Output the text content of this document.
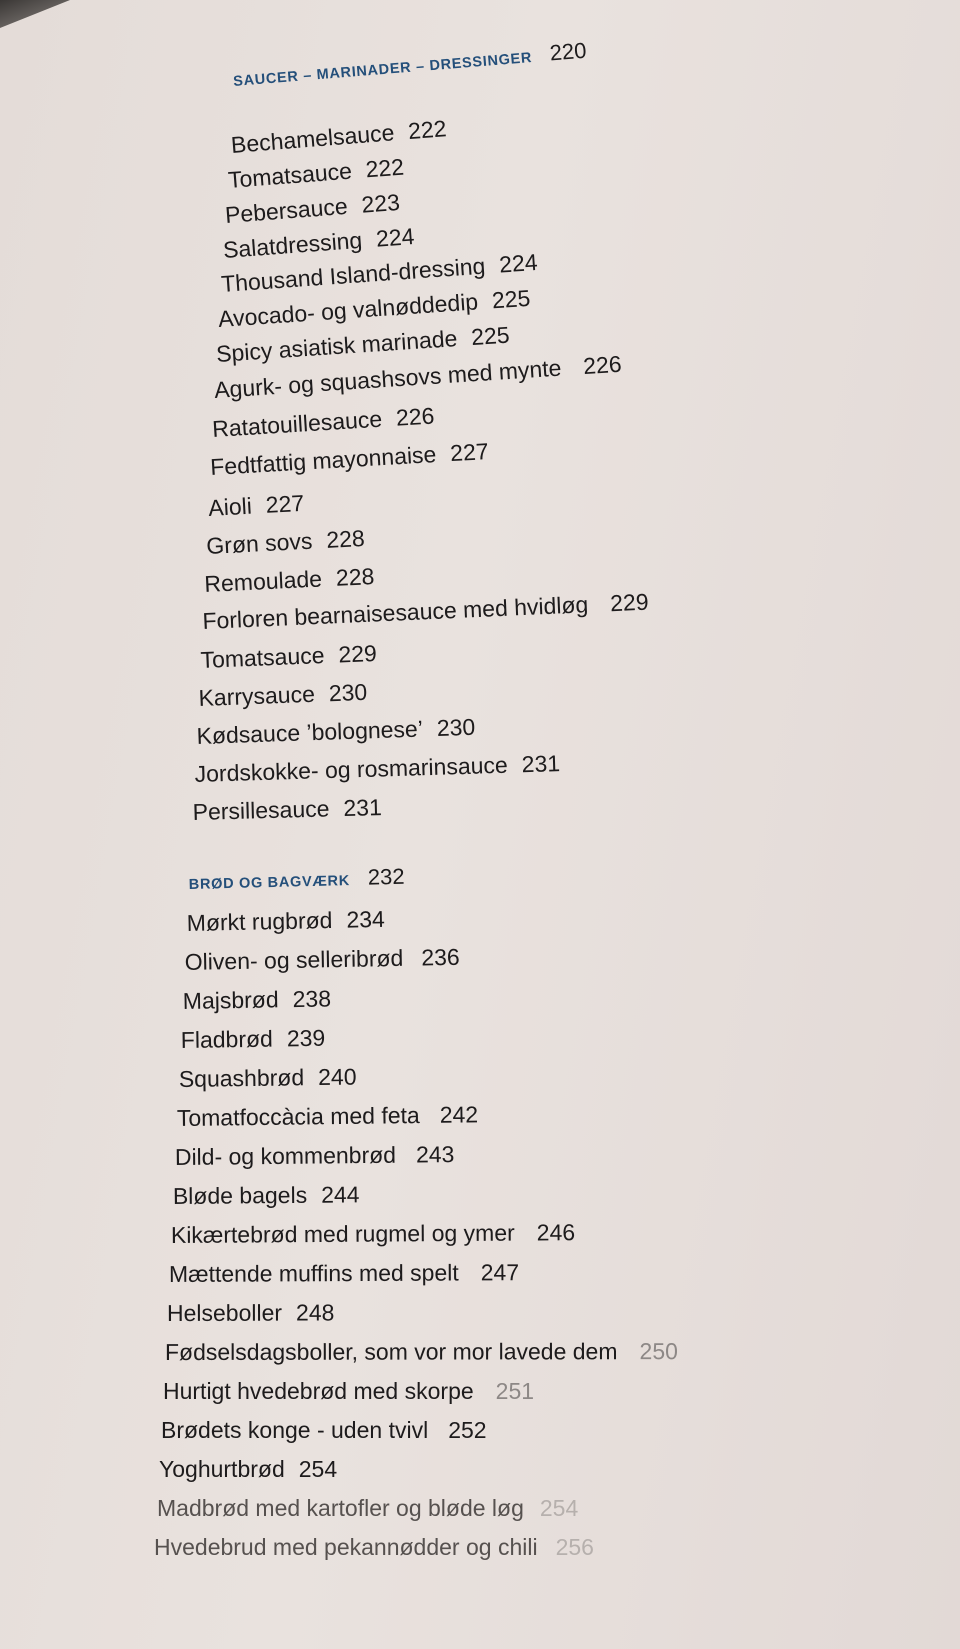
SAUCER – MARINADER – DRESSINGER 220
Bechamelsauce 222
Tomatsauce 222
Pebersauce 223
Salatdressing 224
Thousand Island-dressing 224
Avocado- og valnøddedip 225
Spicy asiatisk marinade 225
Agurk- og squashsovs med mynte 226
Ratatouillesauce 226
Fedtfattig mayonnaise 227
Aioli 227
Grøn sovs 228
Remoulade 228
Forloren bearnaisesauce med hvidløg 229
Tomatsauce 229
Karrysauce 230
Kødsauce ’bolognese’ 230
Jordskokke- og rosmarinsauce 231
Persillesauce 231
BRØD OG BAGVÆRK 232
Mørkt rugbrød 234
Oliven- og selleribrød 236
Majsbrød 238
Fladbrød 239
Squashbrød 240
Tomatfoccàcia med feta 242
Dild- og kommenbrød 243
Bløde bagels 244
Kikærtebrød med rugmel og ymer 246
Mættende muffins med spelt 247
Helseboller 248
Fødselsdagsboller, som vor mor lavede dem 250
Hurtigt hvedebrød med skorpe 251
Brødets konge - uden tvivl 252
Yoghurtbrød 254
Madbrød med kartofler og bløde løg 254
Hvedebrud med pekannødder og chili 256
